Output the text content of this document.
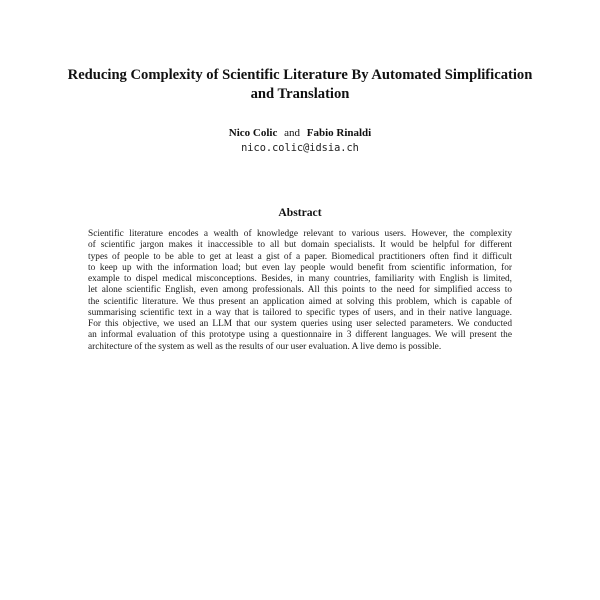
Reducing Complexity of Scientific Literature By Automated Simplification
and Translation
Nico Colic and Fabio Rinaldi
nico.colic@idsia.ch
Abstract
Scientific literature encodes a wealth of knowledge relevant to various users. However, the complexity
of scientific jargon makes it inaccessible to all but domain specialists. It would be helpful for different
types of people to be able to get at least a gist of a paper. Biomedical practitioners often find it difficult
to keep up with the information load; but even lay people would benefit from scientific information, for
example to dispel medical misconceptions. Besides, in many countries, familiarity with English is limited,
let alone scientific English, even among professionals. All this points to the need for simplified access to
the scientific literature. We thus present an application aimed at solving this problem, which is capable of
summarising scientific text in a way that is tailored to specific types of users, and in their native language.
For this objective, we used an LLM that our system queries using user selected parameters. We conducted
an informal evaluation of this prototype using a questionnaire in 3 different languages. We will present the
architecture of the system as well as the results of our user evaluation. A live demo is possible.
